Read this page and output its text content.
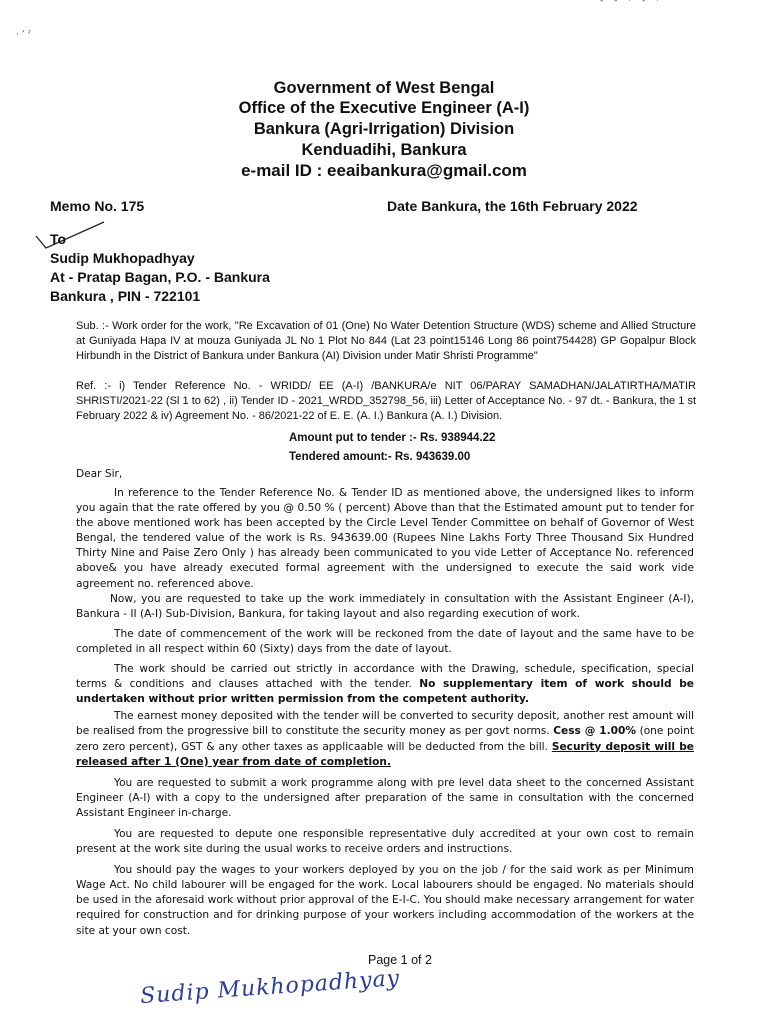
· ʼ ˀ
- - · - ·
Government of West Bengal
Office of the Executive Engineer (A-I)
Bankura (Agri-Irrigation) Division
Kenduadihi, Bankura
e-mail ID : eeaibankura@gmail.com
Memo No. 175	Date Bankura, the 16th February 2022
To
Sudip Mukhopadhyay
At - Pratap Bagan, P.O. - Bankura
Bankura , PIN - 722101
Sub. :- Work order for the work, "Re Excavation of 01 (One) No Water Detention Structure (WDS) scheme and Allied Structure at Guniyada Hapa IV at mouza Guniyada JL No 1 Plot No 844 (Lat 23 point15146 Long 86 point754428) GP Gopalpur Block Hirbundh in the District of Bankura under Bankura (AI) Division under Matir Shristi Programme"
Ref. :- i) Tender Reference No. - WRIDD/ EE (A-I) /BANKURA/e NIT 06/PARAY SAMADHAN/JALATIRTHA/MATIR SHRISTI/2021-22 (Sl 1 to 62) , ii) Tender ID - 2021_WRDD_352798_56, iii) Letter of Acceptance No. - 97 dt. - Bankura, the 1 st February 2022 & iv) Agreement No. - 86/2021-22 of E. E. (A. I.) Bankura (A. I.) Division.
Amount put to tender :- Rs. 938944.22
Tendered amount :- Rs. 943639.00
Dear Sir,

In reference to the Tender Reference No. & Tender ID as mentioned above, the undersigned likes to inform you again that the rate offered by you @ 0.50 % ( percent) Above than that the Estimated amount put to tender for the above mentioned work has been accepted by the Circle Level Tender Committee on behalf of Governor of West Bengal, the tendered value of the work is Rs. 943639.00 (Rupees Nine Lakhs Forty Three Thousand Six Hundred Thirty Nine and Paise Zero Only ) has already been communicated to you vide Letter of Acceptance No. referenced above& you have already executed formal agreement with the undersigned to execute the said work vide agreement no. referenced above.

Now, you are requested to take up the work immediately in consultation with the Assistant Engineer (A-I), Bankura - II (A-I) Sub-Division, Bankura, for taking layout and also regarding execution of work.

The date of commencement of the work will be reckoned from the date of layout and the same have to be completed in all respect within 60 (Sixty) days from the date of layout.

The work should be carried out strictly in accordance with the Drawing, schedule, specification, special terms & conditions and clauses attached with the tender. No supplementary item of work should be undertaken without prior written permission from the competent authority.

The earnest money deposited with the tender will be converted to security deposit, another rest amount will be realised from the progressive bill to constitute the security money as per govt norms. Cess @ 1.00% (one point zero zero percent), GST & any other taxes as applicaable will be deducted from the bill. Security deposit will be released after 1 (One) year from date of completion.

You are requested to submit a work programme along with pre level data sheet to the concerned Assistant Engineer (A-I) with a copy to the undersigned after preparation of the same in consultation with the concerned Assistant Engineer in-charge.

You are requested to depute one responsible representative duly accredited at your own cost to remain present at the work site during the usual works to receive orders and instructions.

You should pay the wages to your workers deployed by you on the job / for the said work as per Minimum Wage Act. No child labourer will be engaged for the work. Local labourers should be engaged. No materials should be used in the aforesaid work without prior approval of the E-I-C. You should make necessary arrangement for water required for construction and for drinking purpose of your workers including accommodation of the workers at the site at your own cost.

Page 1 of 2
Sudip Mukhopadhyay
